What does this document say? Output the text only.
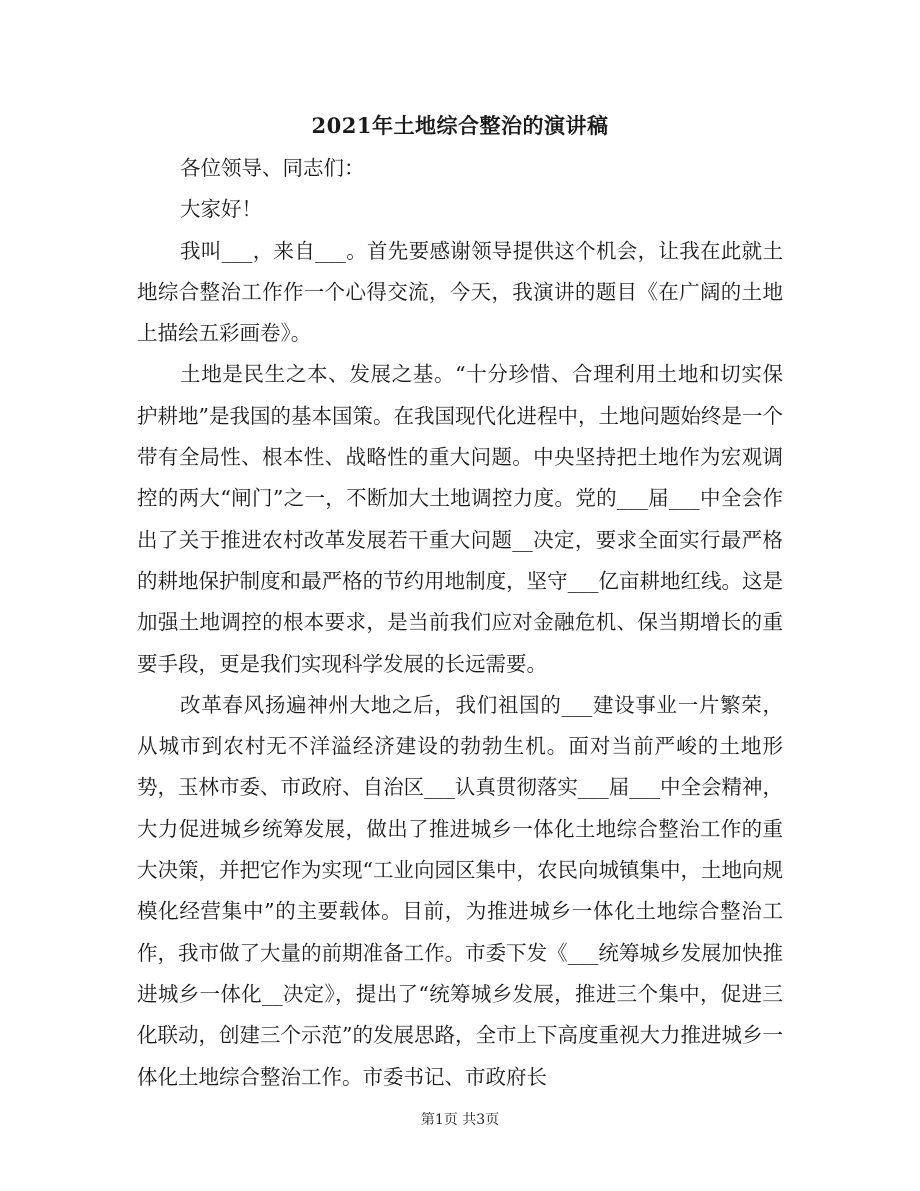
2021年土地综合整治的演讲稿

各位领导、同志们：

大家好！

我叫___，来自___。首先要感谢领导提供这个机会，让我在此就土地综合整治工作作一个心得交流，今天，我演讲的题目《在广阔的土地上描绘五彩画卷》。

土地是民生之本、发展之基。“十分珍惜、合理利用土地和切实保护耕地”是我国的基本国策。在我国现代化进程中，土地问题始终是一个带有全局性、根本性、战略性的重大问题。中央坚持把土地作为宏观调控的两大“闸门”之一，不断加大土地调控力度。党的___届___中全会作出了关于推进农村改革发展若干重大问题__决定，要求全面实行最严格的耕地保护制度和最严格的节约用地制度，坚守___亿亩耕地红线。这是加强土地调控的根本要求，是当前我们应对金融危机、保当期增长的重要手段，更是我们实现科学发展的长远需要。

改革春风扬遍神州大地之后，我们祖国的___建设事业一片繁荣，从城市到农村无不洋溢经济建设的勃勃生机。面对当前严峻的土地形势，玉林市委、市政府、自治区___认真贯彻落实___届___中全会精神，大力促进城乡统筹发展，做出了推进城乡一体化土地综合整治工作的重大决策，并把它作为实现“工业向园区集中，农民向城镇集中，土地向规模化经营集中”的主要载体。目前，为推进城乡一体化土地综合整治工作，我市做了大量的前期准备工作。市委下发《___统筹城乡发展加快推进城乡一体化__决定》，提出了“统筹城乡发展，推进三个集中，促进三化联动，创建三个示范”的发展思路，全市上下高度重视大力推进城乡一体化土地综合整治工作。市委书记、市政府长

第1页 共3页
